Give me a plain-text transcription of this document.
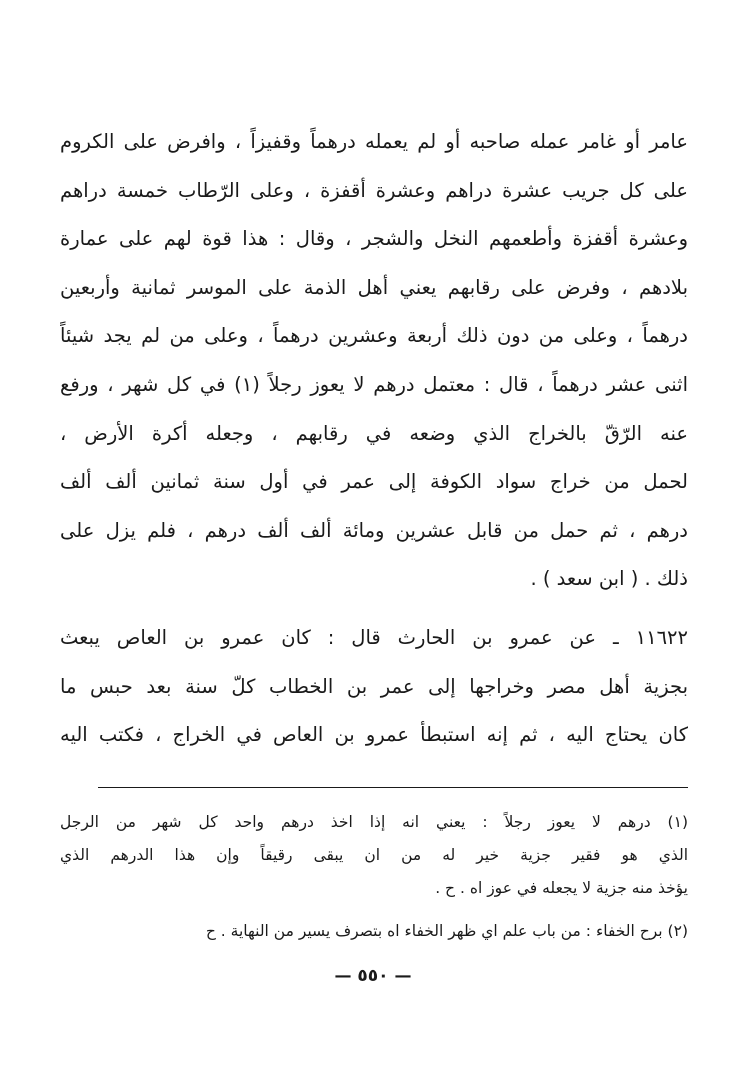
عامر أو غامر عمله صاحبه أو لم يعمله درهماً وقفيزاً ، وافرض على الكروم
على كل جريب عشرة دراهم وعشرة أقفزة ، وعلى الرّطاب خمسة دراهم
وعشرة أقفزة وأطعمهم النخل والشجر ، وقال : هذا قوة لهم على عمارة
بلادهم ، وفرض على رقابهم يعني أهل الذمة على الموسر ثمانية وأربعين
درهماً ، وعلى من دون ذلك أربعة وعشرين درهماً ، وعلى من لم يجد شيئاً
اثنى عشر درهماً ، قال : معتمل درهم لا يعوز رجلاً (١) في كل شهر ، ورفع
عنه الرّقّ بالخراج الذي وضعه في رقابهم ، وجعله أكرة الأرض ،
لحمل من خراج سواد الكوفة إلى عمر في أول سنة ثمانين ألف ألف
درهم ، ثم حمل من قابل عشرين ومائة ألف ألف درهم ، فلم يزل على
ذلك . ( ابن سعد ) .
١١٦٢٢ ـ عن عمرو بن الحارث قال : كان عمرو بن العاص يبعث
بجزية أهل مصر وخراجها إلى عمر بن الخطاب كلّ سنة بعد حبس ما
كان يحتاج اليه ، ثم إنه استبطأ عمرو بن العاص في الخراج ، فكتب اليه
(١) درهم لا يعوز رجلاً : يعني انه إذا اخذ درهم واحد كل شهر من الرجل
الذي هو فقير جزية خير له من ان يبقى رقيقاً وإن هذا الدرهم الذي
يؤخذ منه جزية لا يجعله في عوز اه . ح .
(٢) برح الخفاء : من باب علم اي ظهر الخفاء اه بتصرف يسير من النهاية . ح
— ٥٥٠ —
